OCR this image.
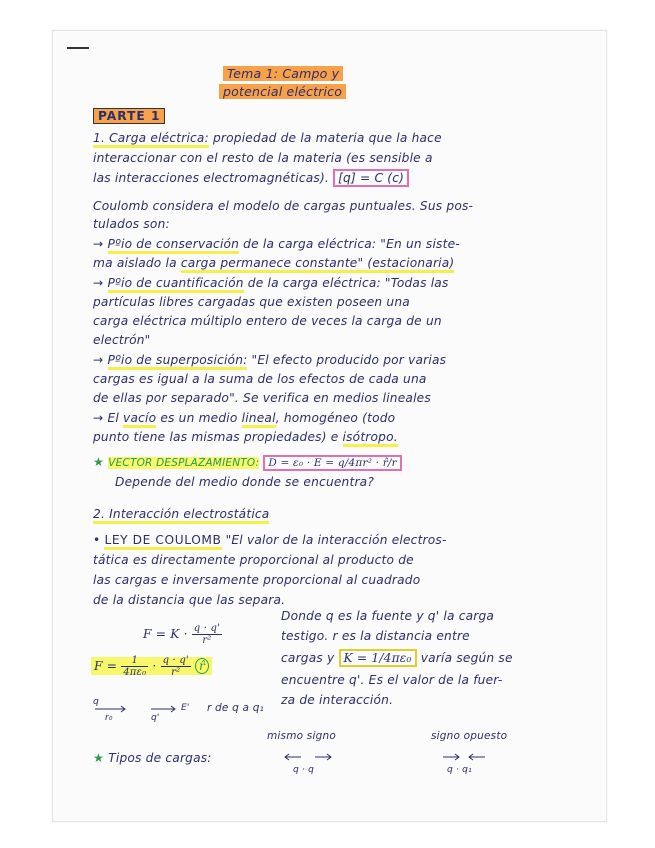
Tema 1: Campo y
potencial eléctrico
PARTE 1
1. Carga eléctrica: propiedad de la materia que la hace
interaccionar con el resto de la materia (es sensible a
las interacciones electromagnéticas). [q] = C (c)
Coulomb considera el modelo de cargas puntuales. Sus pos-
tulados son:
→ Pºio de conservación de la carga eléctrica: "En un siste-
ma aislado la carga permanece constante" (estacionaria)
→ Pºio de cuantificación de la carga eléctrica: "Todas las
partículas libres cargadas que existen poseen una
carga eléctrica múltiplo entero de veces la carga de un
electrón"
→ Pºio de superposición: "El efecto producido por varias
cargas es igual a la suma de los efectos de cada una
de ellas por separado". Se verifica en medios lineales
→ El vacío es un medio lineal, homogéneo (todo
punto tiene las mismas propiedades) e isótropo.
★ VECTOR DESPLAZAMIENTO: D = ε₀ · E = q/4πr² · r̂/r
Depende del medio donde se encuentra?
2. Interacción electrostática
• LEY DE COULOMB "El valor de la interacción electros-
tática es directamente proporcional al producto de
las cargas e inversamente proporcional al cuadrado
de la distancia que las separa.
$F = K \cdot \frac{q \cdot q'}{\text{r²}}$
$F = \frac{1}{\text{4πε₀}} \cdot \frac{q \cdot q'}{\text{r²}}$ r̂
Donde q es la fuente y q' la carga
testigo. r es la distancia entre
cargas y K = 1/4πε₀ varía según se
encuentre q'. Es el valor de la fuer-
za de interacción.
q
r₀	q'
E' r de q a q₁
mismo signo	signo opuesto
★ Tipos de cargas:
q · q	q · q₁
